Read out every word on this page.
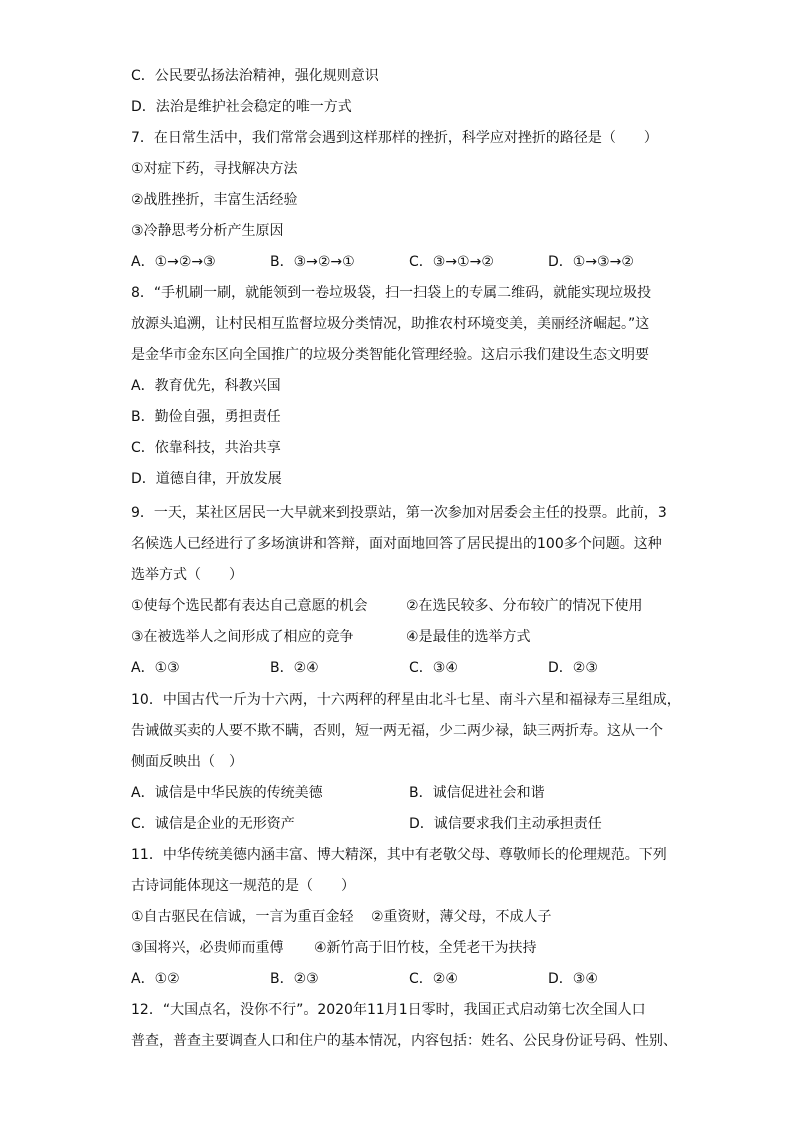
C．公民要弘扬法治精神，强化规则意识
D．法治是维护社会稳定的唯一方式
7．在日常生活中，我们常常会遇到这样那样的挫折，科学应对挫折的路径是（　　）
①对症下药，寻找解决方法
②战胜挫折，丰富生活经验
③冷静思考分析产生原因
A．①→②→③	B．③→②→①	C．③→①→②	D．①→③→②
8．“手机刷一刷，就能领到一卷垃圾袋，扫一扫袋上的专属二维码，就能实现垃圾投
放源头追溯，让村民相互监督垃圾分类情况，助推农村环境变美，美丽经济崛起。”这
是金华市金东区向全国推广的垃圾分类智能化管理经验。这启示我们建设生态文明要
A．教育优先，科教兴国
B．勤俭自强，勇担责任
C．依靠科技，共治共享
D．道德自律，开放发展
9．一天，某社区居民一大早就来到投票站，第一次参加对居委会主任的投票。此前，3
名候选人已经进行了多场演讲和答辩，面对面地回答了居民提出的100多个问题。这种
选举方式（　　）
①使每个选民都有表达自己意愿的机会	②在选民较多、分布较广的情况下使用
③在被选举人之间形成了相应的竞争	④是最佳的选举方式
A．①③	B．②④	C．③④	D．②③
10．中国古代一斤为十六两，十六两秤的秤星由北斗七星、南斗六星和福禄寿三星组成，
告诫做买卖的人要不欺不瞒，否则，短一两无福，少二两少禄，缺三两折寿。这从一个
侧面反映出（　）
A．诚信是中华民族的传统美德	B．诚信促进社会和谐
C．诚信是企业的无形资产	D．诚信要求我们主动承担责任
11．中华传统美德内涵丰富、博大精深，其中有老敬父母、尊敬师长的伦理规范。下列
古诗词能体现这一规范的是（　　）
①自古驱民在信诚，一言为重百金轻 ②重资财，薄父母，不成人子
③国将兴，必贵师而重傅 ④新竹高于旧竹枝，全凭老干为扶持
A．①②	B．②③	C．②④	D．③④
12．“大国点名，没你不行”。2020年11月1日零时，我国正式启动第七次全国人口
普查，普查主要调查人口和住户的基本情况，内容包括：姓名、公民身份证号码、性别、
